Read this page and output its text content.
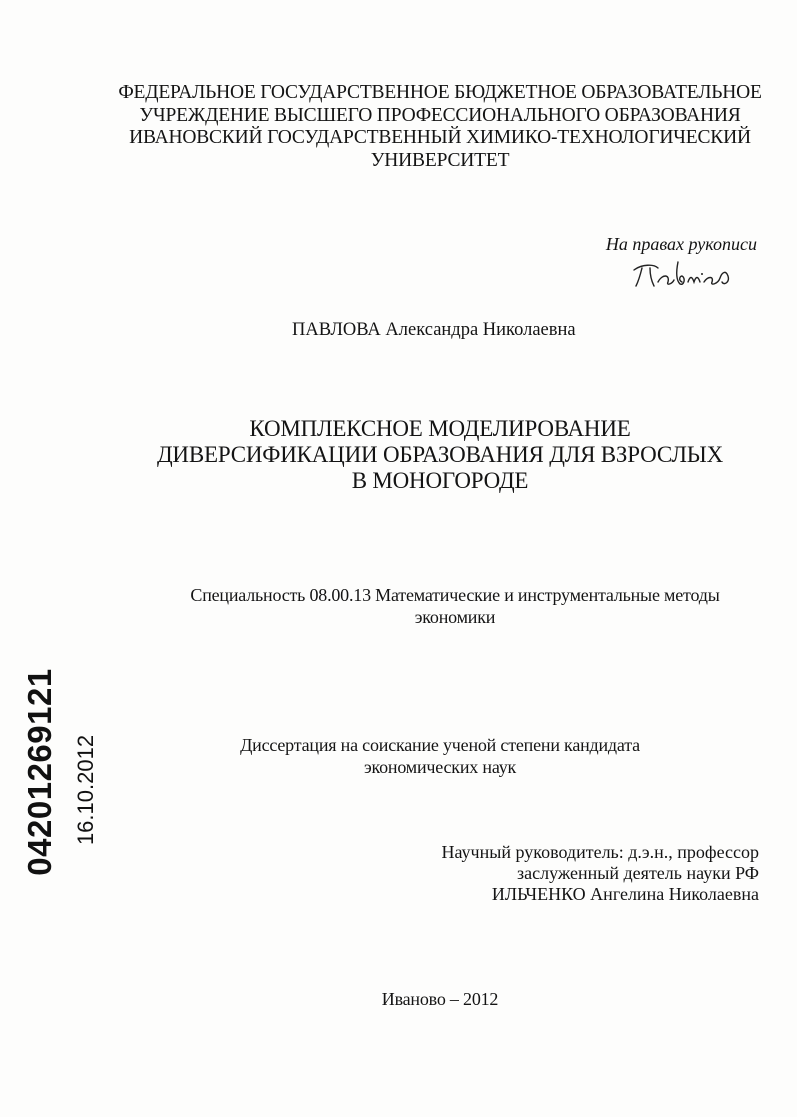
ФЕДЕРАЛЬНОЕ ГОСУДАРСТВЕННОЕ БЮДЖЕТНОЕ ОБРАЗОВАТЕЛЬНОЕ
УЧРЕЖДЕНИЕ ВЫСШЕГО ПРОФЕССИОНАЛЬНОГО ОБРАЗОВАНИЯ
ИВАНОВСКИЙ ГОСУДАРСТВЕННЫЙ ХИМИКО-ТЕХНОЛОГИЧЕСКИЙ
УНИВЕРСИТЕТ
На правах рукописи
ПАВЛОВА Александра Николаевна
КОМПЛЕКСНОЕ МОДЕЛИРОВАНИЕ
ДИВЕРСИФИКАЦИИ ОБРАЗОВАНИЯ ДЛЯ ВЗРОСЛЫХ
В МОНОГОРОДЕ
Специальность 08.00.13 Математические и инструментальные методы
экономики
Диссертация на соискание ученой степени кандидата
экономических наук
Научный руководитель: д.э.н., профессор
заслуженный деятель науки РФ
ИЛЬЧЕНКО Ангелина Николаевна
Иваново – 2012
04201269121 16.10.2012
